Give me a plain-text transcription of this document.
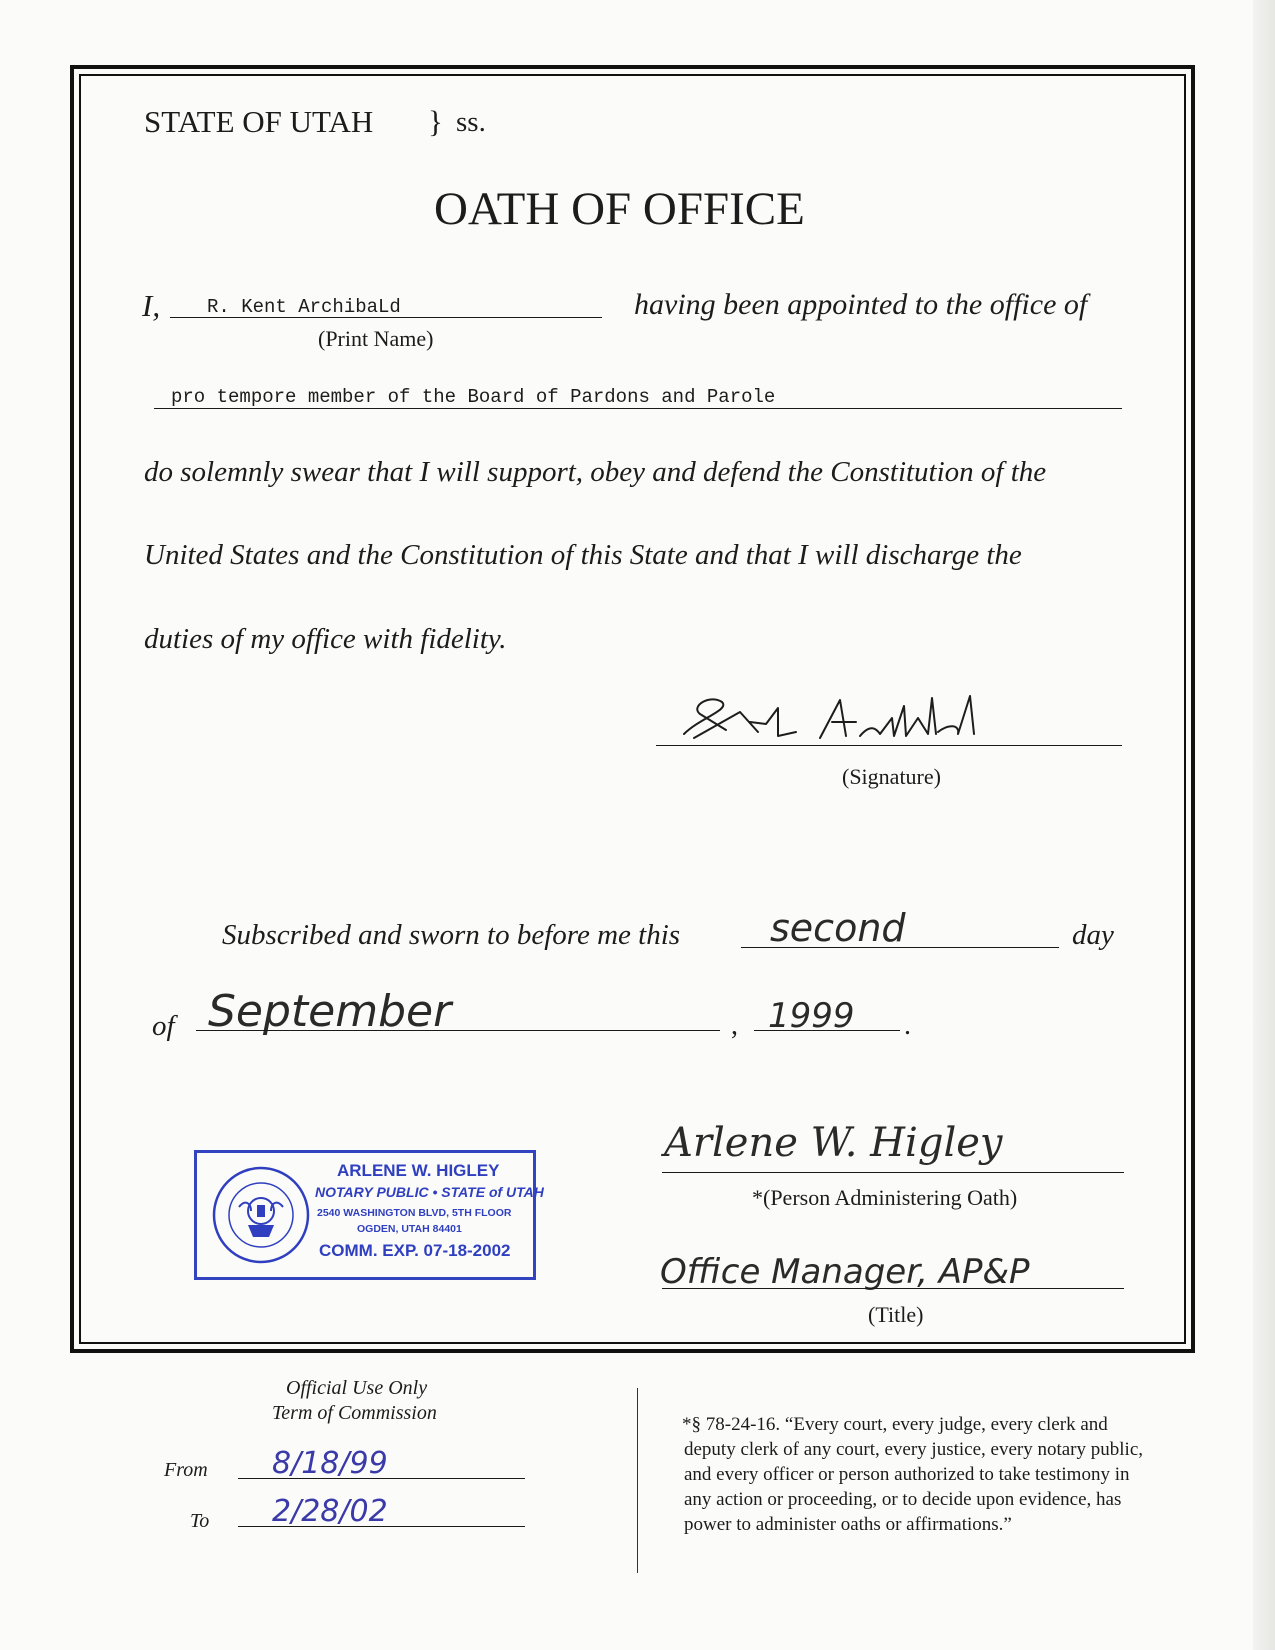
STATE OF UTAH } ss.
OATH OF OFFICE
I, R. Kent ArchibaLd
(Print Name)
having been appointed to the office of
pro tempore member of the Board of Pardons and Parole
do solemnly swear that I will support, obey and defend the Constitution of the
United States and the Constitution of this State and that I will discharge the
duties of my office with fidelity.
(Signature)
Subscribed and sworn to before me this second	day
of September	, 1999 .
ARLENE W. HIGLEY
NOTARY PUBLIC • STATE of UTAH
2540 WASHINGTON BLVD, 5TH FLOOR
OGDEN, UTAH 84401
COMM. EXP. 07-18-2002
Arlene W. Higley
*(Person Administering Oath)
Office Manager, AP&P
(Title)
Official Use Only
Term of Commission
From 8/18/99
To 2/28/02
*§ 78-24-16. “Every court, every judge, every clerk and
deputy clerk of any court, every justice, every notary public,
and every officer or person authorized to take testimony in
any action or proceeding, or to decide upon evidence, has
power to administer oaths or affirmations.”
